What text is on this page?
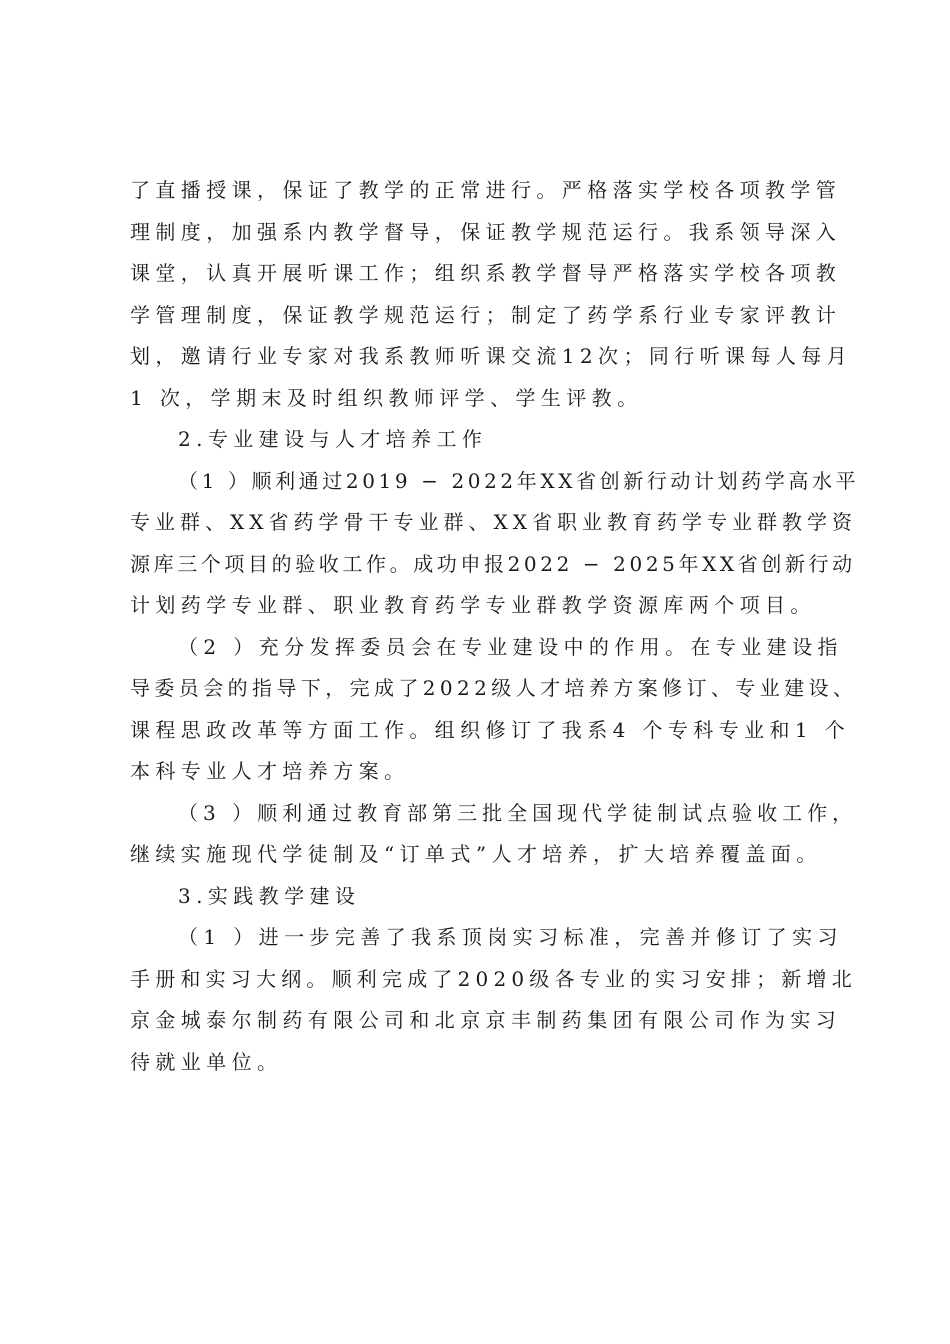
了直播授课，保证了教学的正常进行。严格落实学校各项教学管
理制度，加强系内教学督导，保证教学规范运行。我系领导深入
课堂，认真开展听课工作；组织系教学督导严格落实学校各项教
学管理制度，保证教学规范运行；制定了药学系行业专家评教计
划，邀请行业专家对我系教师听课交流12次；同行听课每人每月
1 次，学期末及时组织教师评学、学生评教。
2.专业建设与人才培养工作
（1 ）顺利通过2019 − 2022年XX省创新行动计划药学高水平
专业群、XX省药学骨干专业群、XX省职业教育药学专业群教学资
源库三个项目的验收工作。成功申报2022 − 2025年XX省创新行动
计划药学专业群、职业教育药学专业群教学资源库两个项目。
（2 ）充分发挥委员会在专业建设中的作用。在专业建设指
导委员会的指导下，完成了2022级人才培养方案修订、专业建设、
课程思政改革等方面工作。组织修订了我系4 个专科专业和1 个
本科专业人才培养方案。
（3 ）顺利通过教育部第三批全国现代学徒制试点验收工作，
继续实施现代学徒制及“订单式”人才培养，扩大培养覆盖面。
3.实践教学建设
（1 ）进一步完善了我系顶岗实习标准，完善并修订了实习
手册和实习大纲。顺利完成了2020级各专业的实习安排；新增北
京金城泰尔制药有限公司和北京京丰制药集团有限公司作为实习
待就业单位。
